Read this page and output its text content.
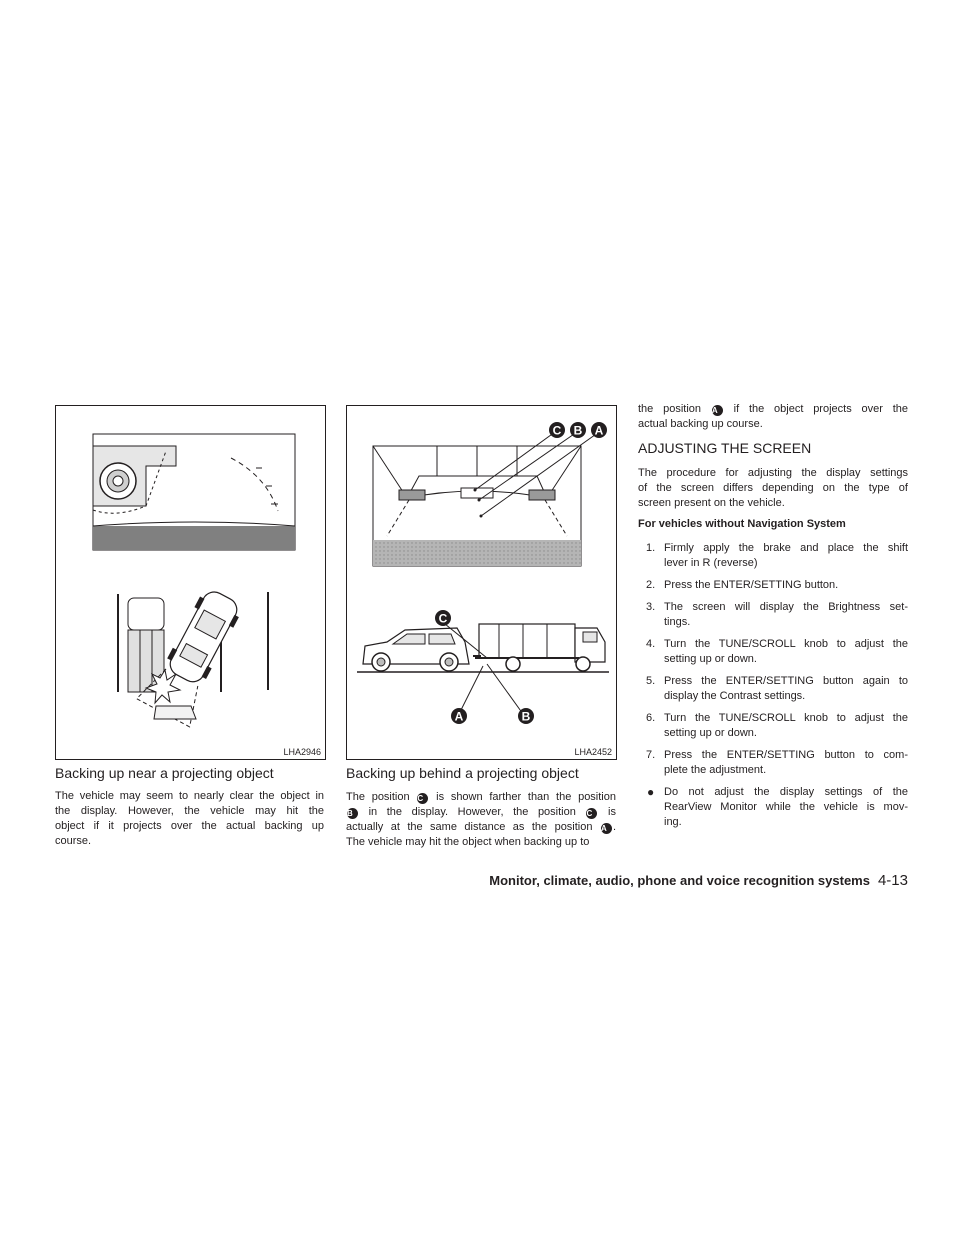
LHA2946
Backing up near a projecting object
The vehicle may seem to nearly clear the object in
the display. However, the vehicle may hit the
object if it projects over the actual backing up
course.
C B A
C
A	B
LHA2452
Backing up behind a projecting object
The position C is shown farther than the position
B in the display. However, the position C is
actually at the same distance as the position A .
The vehicle may hit the object when backing up to
the position A if the object projects over the
actual backing up course.
ADJUSTING THE SCREEN
The procedure for adjusting the display settings
of the screen differs depending on the type of
screen present on the vehicle.
For vehicles without Navigation System
1. Firmly apply the brake and place the shift
lever in R (reverse)
2. Press the ENTER/SETTING button.
3. The screen will display the Brightness set-
tings.
4. Turn the TUNE/SCROLL knob to adjust the
setting up or down.
5. Press the ENTER/SETTING button again to
display the Contrast settings.
6. Turn the TUNE/SCROLL knob to adjust the
setting up or down.
7. Press the ENTER/SETTING button to com-
plete the adjustment.
● Do not adjust the display settings of the
RearView Monitor while the vehicle is mov-
ing.
Monitor, climate, audio, phone and voice recognition systems 4-13
